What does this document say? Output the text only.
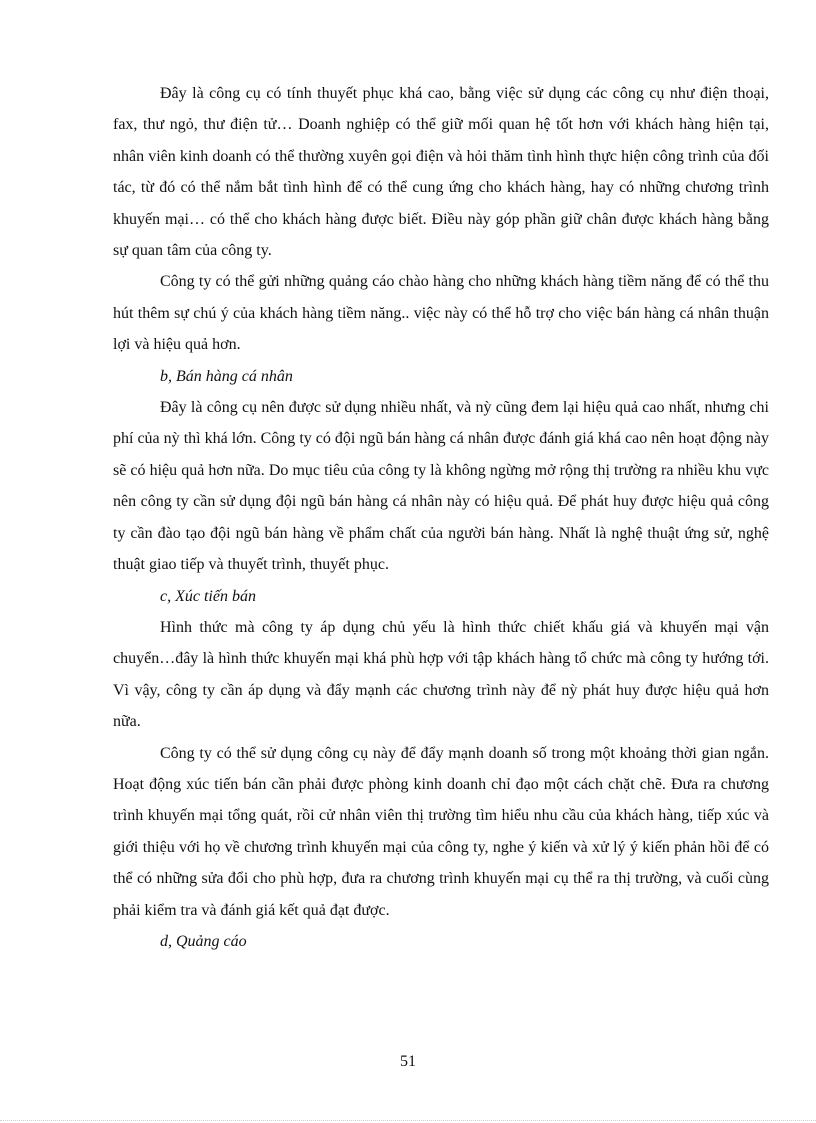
Đây là công cụ có tính thuyết phục khá cao, bằng việc sử dụng các công cụ như điện thoại, fax, thư ngỏ, thư điện tử… Doanh nghiệp có thể giữ mối quan hệ tốt hơn với khách hàng hiện tại, nhân viên kinh doanh có thể thường xuyên gọi điện và hỏi thăm tình hình thực hiện công trình của đối tác, từ đó có thể nắm bắt tình hình để có thể cung ứng cho khách hàng, hay có những chương trình khuyến mại… có thể cho khách hàng được biết. Điều này góp phần giữ chân được khách hàng bằng sự quan tâm của công ty.

Công ty có thể gửi những quảng cáo chào hàng cho những khách hàng tiềm năng để có thể thu hút thêm sự chú ý của khách hàng tiềm năng.. việc này có thể hỗ trợ cho việc bán hàng cá nhân thuận lợi và hiệu quả hơn.

b, Bán hàng cá nhân

Đây là công cụ nên được sử dụng nhiều nhất, và nỳ cũng đem lại hiệu quả cao nhất, nhưng chi phí của nỳ thì khá lớn. Công ty có đội ngũ bán hàng cá nhân được đánh giá khá cao nên hoạt động này sẽ có hiệu quả hơn nữa. Do mục tiêu của công ty là không ngừng mở rộng thị trường ra nhiều khu vực nên công ty cần sử dụng đội ngũ bán hàng cá nhân này có hiệu quả. Để phát huy được hiệu quả công ty cần đào tạo đội ngũ bán hàng về phẩm chất của người bán hàng. Nhất là nghệ thuật ứng sử, nghệ thuật giao tiếp và thuyết trình, thuyết phục.

c, Xúc tiến bán

Hình thức mà công ty áp dụng chủ yếu là hình thức chiết khấu giá và khuyến mại vận chuyển…đây là hình thức khuyến mại khá phù hợp với tập khách hàng tổ chức mà công ty hướng tới. Vì vậy, công ty cần áp dụng và đẩy mạnh các chương trình này để nỳ phát huy được hiệu quả hơn nữa.

Công ty có thể sử dụng công cụ này để đẩy mạnh doanh số trong một khoảng thời gian ngắn. Hoạt động xúc tiến bán cần phải được phòng kinh doanh chỉ đạo một cách chặt chẽ. Đưa ra chương trình khuyến mại tổng quát, rồi cử nhân viên thị trường tìm hiểu nhu cầu của khách hàng, tiếp xúc và giới thiệu với họ về chương trình khuyến mại của công ty, nghe ý kiến và xử lý ý kiến phản hồi để có thể có những sửa đổi cho phù hợp, đưa ra chương trình khuyến mại cụ thể ra thị trường, và cuối cùng phải kiểm tra và đánh giá kết quả đạt được.

d, Quảng cáo

51
